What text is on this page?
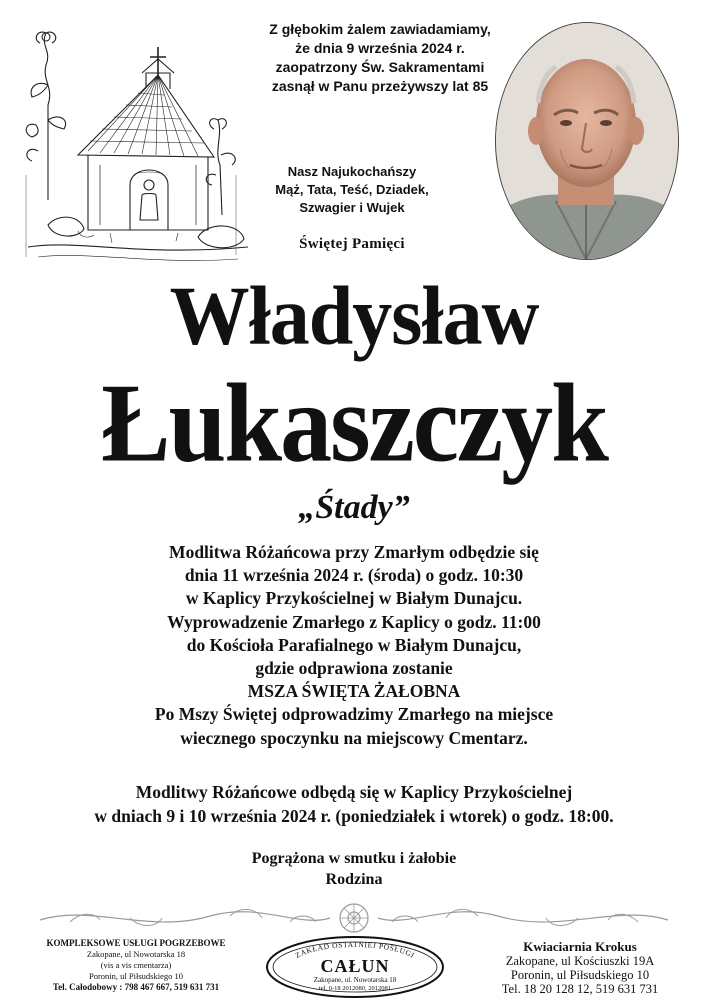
Z głębokim żalem zawiadamiamy,
że dnia 9 września 2024 r.
zaopatrzony Św. Sakramentami
zasnął w Panu przeżywszy lat 85
Nasz Najukochańszy
Mąż, Tata, Teść, Dziadek,
Szwagier i Wujek
Świętej Pamięci
Władysław
Łukaszczyk
„Śtady”
Modlitwa Różańcowa przy Zmarłym odbędzie się
dnia 11 września 2024 r. (środa) o godz. 10:30
w Kaplicy Przykościelnej w Białym Dunajcu.
Wyprowadzenie Zmarłego z Kaplicy o godz. 11:00
do Kościoła Parafialnego w Białym Dunajcu,
gdzie odprawiona zostanie
MSZA ŚWIĘTA ŻAŁOBNA
Po Mszy Świętej odprowadzimy Zmarłego na miejsce
wiecznego spoczynku na miejscowy Cmentarz.
Modlitwy Różańcowe odbędą się w Kaplicy Przykościelnej
w dniach 9 i 10 września 2024 r. (poniedziałek i wtorek) o godz. 18:00.
Pogrążona w smutku i żałobie
Rodzina
KOMPLEKSOWE USŁUGI POGRZEBOWE
Zakopane, ul Nowotarska 18
(vis a vis cmentarza)
Poronin, ul Piłsudskiego 10
Tel. Całodobowy : 798 467 667, 519 631 731
ZAKŁAD OSTATNIEJ POSŁUGI
CAŁUN
Zakopane, ul. Nowotarska 18
tel. 0-18 2012080, 2012081
Kwiaciarnia Krokus
Zakopane, ul Kościuszki 19A
Poronin, ul Piłsudskiego 10
Tel. 18 20 128 12, 519 631 731
